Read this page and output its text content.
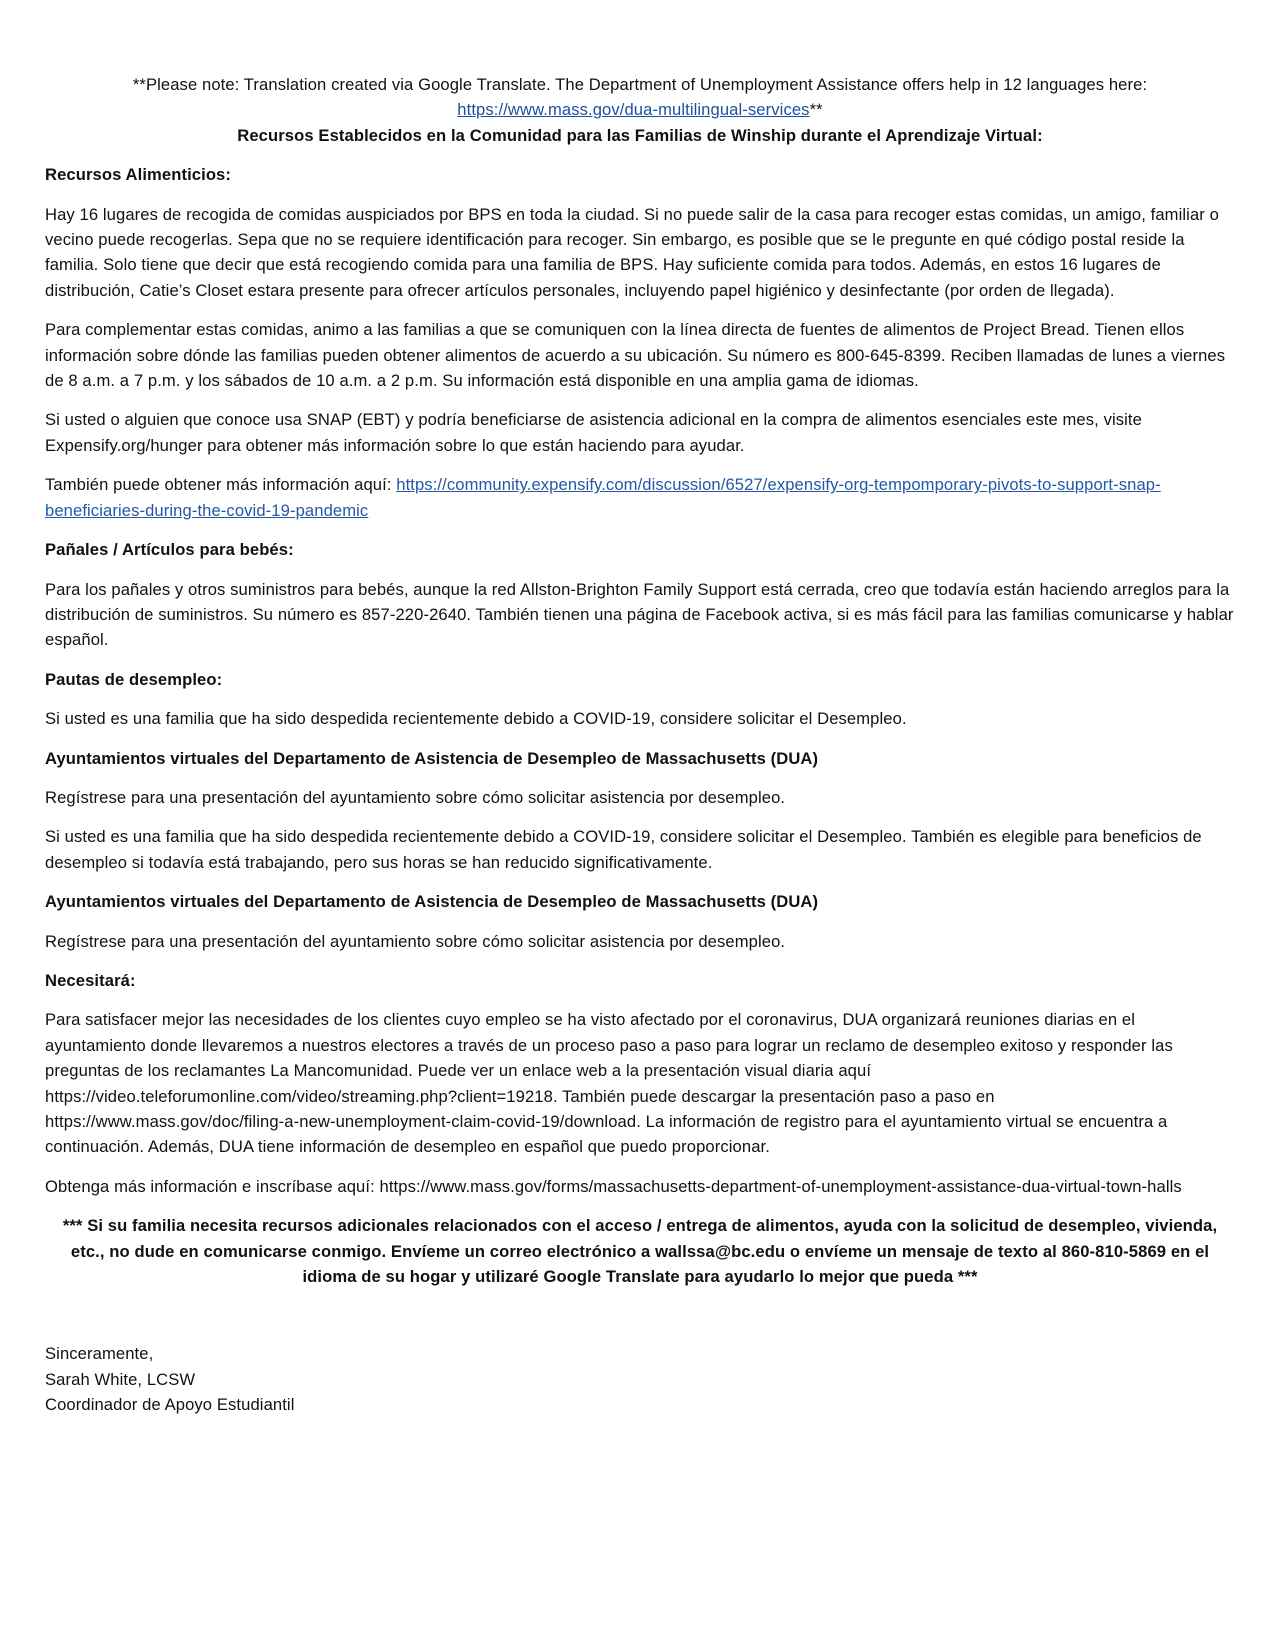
**Please note: Translation created via Google Translate. The Department of Unemployment Assistance offers help in 12 languages here:
https://www.mass.gov/dua-multilingual-services**
Recursos Establecidos en la Comunidad para las Familias de Winship durante el Aprendizaje Virtual:
Recursos Alimenticios:

Hay 16 lugares de recogida de comidas auspiciados por BPS en toda la ciudad. Si no puede salir de la casa para recoger estas comidas, un amigo, familiar o vecino puede recogerlas. Sepa que no se requiere identificación para recoger. Sin embargo, es posible que se le pregunte en qué código postal reside la familia. Solo tiene que decir que está recogiendo comida para una familia de BPS. Hay suficiente comida para todos. Además, en estos 16 lugares de distribución, Catie’s Closet estara presente para ofrecer artículos personales, incluyendo papel higiénico y desinfectante (por orden de llegada).

Para complementar estas comidas, animo a las familias a que se comuniquen con la línea directa de fuentes de alimentos de Project Bread. Tienen ellos información sobre dónde las familias pueden obtener alimentos de acuerdo a su ubicación. Su número es 800-645-8399. Reciben llamadas de lunes a viernes de 8 a.m. a 7 p.m. y los sábados de 10 a.m. a 2 p.m. Su información está disponible en una amplia gama de idiomas.

Si usted o alguien que conoce usa SNAP (EBT) y podría beneficiarse de asistencia adicional en la compra de alimentos esenciales este mes, visite Expensify.org/hunger para obtener más información sobre lo que están haciendo para ayudar.

También puede obtener más información aquí: https://community.expensify.com/discussion/6527/expensify-org-tempomporary-pivots-to-support-snap-beneficiaries-during-the-covid-19-pandemic

Pañales / Artículos para bebés:

Para los pañales y otros suministros para bebés, aunque la red Allston-Brighton Family Support está cerrada, creo que todavía están haciendo arreglos para la distribución de suministros. Su número es 857-220-2640. También tienen una página de Facebook activa, si es más fácil para las familias comunicarse y hablar español.

Pautas de desempleo:

Si usted es una familia que ha sido despedida recientemente debido a COVID-19, considere solicitar el Desempleo.

Ayuntamientos virtuales del Departamento de Asistencia de Desempleo de Massachusetts (DUA)

Regístrese para una presentación del ayuntamiento sobre cómo solicitar asistencia por desempleo.

Si usted es una familia que ha sido despedida recientemente debido a COVID-19, considere solicitar el Desempleo. También es elegible para beneficios de desempleo si todavía está trabajando, pero sus horas se han reducido significativamente.

Ayuntamientos virtuales del Departamento de Asistencia de Desempleo de Massachusetts (DUA)

Regístrese para una presentación del ayuntamiento sobre cómo solicitar asistencia por desempleo.

Necesitará:

Para satisfacer mejor las necesidades de los clientes cuyo empleo se ha visto afectado por el coronavirus, DUA organizará reuniones diarias en el ayuntamiento donde llevaremos a nuestros electores a través de un proceso paso a paso para lograr un reclamo de desempleo exitoso y responder las preguntas de los reclamantes La Mancomunidad. Puede ver un enlace web a la presentación visual diaria aquí https://video.teleforumonline.com/video/streaming.php?client=19218. También puede descargar la presentación paso a paso en https://www.mass.gov/doc/filing-a-new-unemployment-claim-covid-19/download. La información de registro para el ayuntamiento virtual se encuentra a continuación. Además, DUA tiene información de desempleo en español que puedo proporcionar.

Obtenga más información e inscríbase aquí: https://www.mass.gov/forms/massachusetts-department-of-unemployment-assistance-dua-virtual-town-halls

*** Si su familia necesita recursos adicionales relacionados con el acceso / entrega de alimentos, ayuda con la solicitud de desempleo, vivienda, etc., no dude en comunicarse conmigo. Envíeme un correo electrónico a wallssa@bc.edu o envíeme un mensaje de texto al 860-810-5869 en el idioma de su hogar y utilizaré Google Translate para ayudarlo lo mejor que pueda ***
Sinceramente,
Sarah White, LCSW
Coordinador de Apoyo Estudiantil
